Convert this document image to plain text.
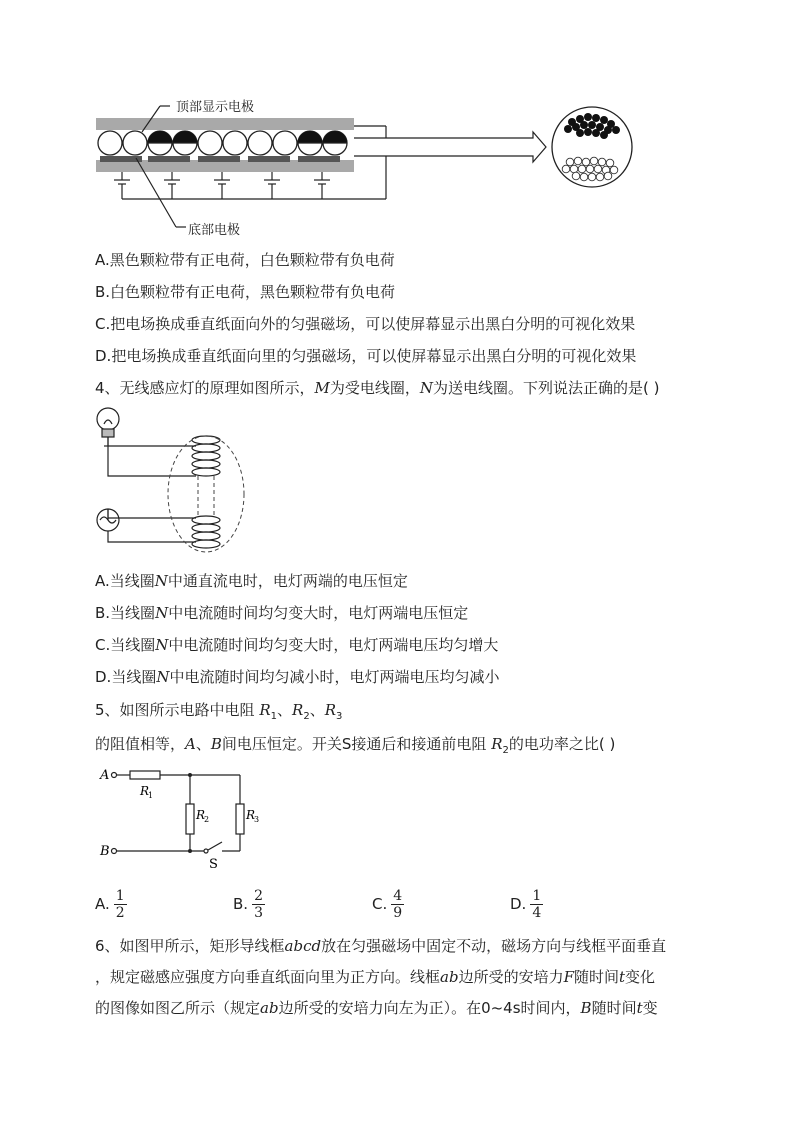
顶部显示电极
底部电极
A.黑色颗粒带有正电荷，白色颗粒带有负电荷
B.白色颗粒带有正电荷，黑色颗粒带有负电荷
C.把电场换成垂直纸面向外的匀强磁场，可以使屏幕显示出黑白分明的可视化效果
D.把电场换成垂直纸面向里的匀强磁场，可以使屏幕显示出黑白分明的可视化效果
4、无线感应灯的原理如图所示，M为受电线圈，N为送电线圈。下列说法正确的是( )
A.当线圈N中通直流电时，电灯两端的电压恒定
B.当线圈N中电流随时间均匀变大时，电灯两端电压恒定
C.当线圈N中电流随时间均匀变大时，电灯两端电压均匀增大
D.当线圈N中电流随时间均匀减小时，电灯两端电压均匀减小
5、如图所示电路中电阻 $R_1$、$R_2$、$R_3$
的阻值相等，A、B间电压恒定。开关S接通后和接通前电阻 $R_2$的电功率之比( )
A
B
R
1
R
2	R
3
S
A. $\frac{1}{2}$	B. $\frac{2}{3}$	C. $\frac{4}{9}$	D. $\frac{1}{4}$
6、如图甲所示，矩形导线框abcd放在匀强磁场中固定不动，磁场方向与线框平面垂直
，规定磁感应强度方向垂直纸面向里为正方向。线框ab边所受的安培力F随时间t变化
的图像如图乙所示（规定ab边所受的安培力向左为正）。在0~4s时间内，B随时间t变
